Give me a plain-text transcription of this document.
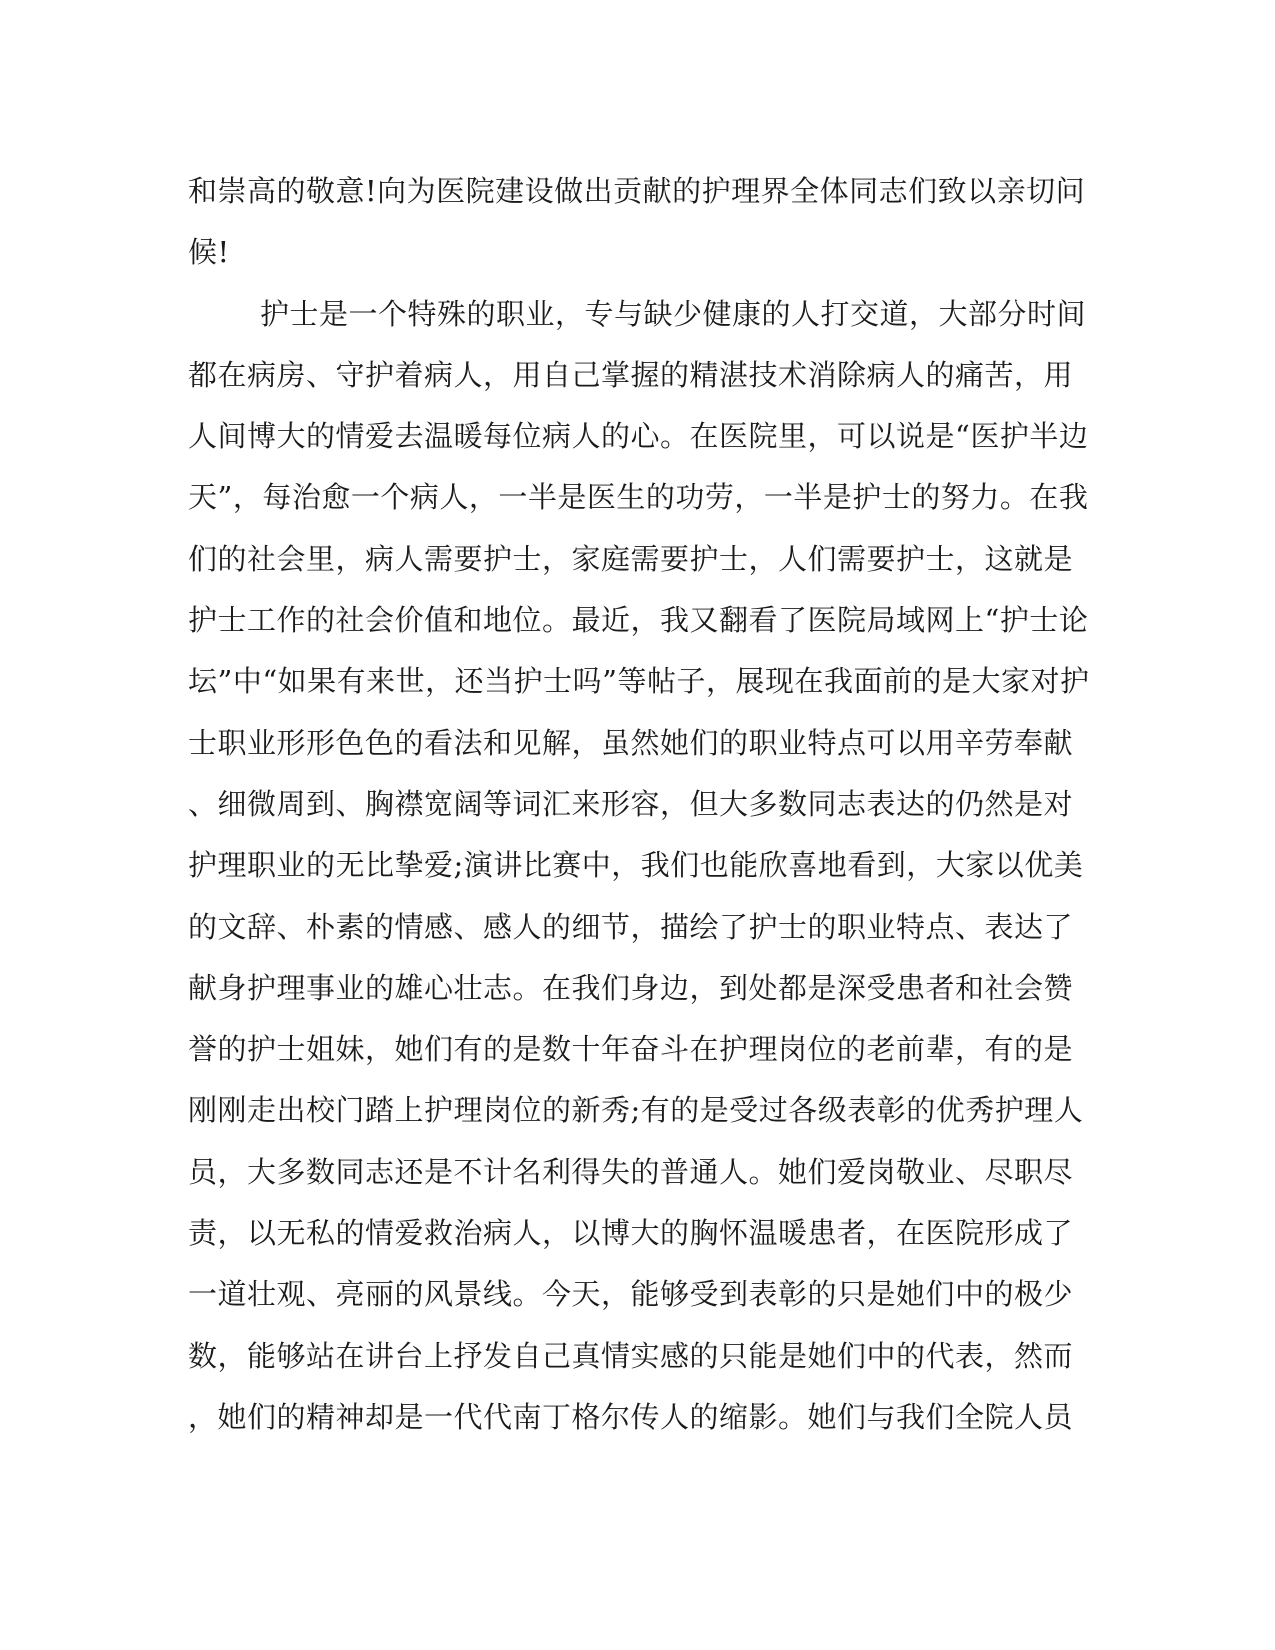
和崇高的敬意!向为医院建设做出贡献的护理界全体同志们致以亲切问
候!
护士是一个特殊的职业，专与缺少健康的人打交道，大部分时间
都在病房、守护着病人，用自己掌握的精湛技术消除病人的痛苦，用
人间博大的情爱去温暖每位病人的心。在医院里，可以说是“医护半边
天”，每治愈一个病人，一半是医生的功劳，一半是护士的努力。在我
们的社会里，病人需要护士，家庭需要护士，人们需要护士，这就是
护士工作的社会价值和地位。最近，我又翻看了医院局域网上“护士论
坛”中“如果有来世，还当护士吗”等帖子，展现在我面前的是大家对护
士职业形形色色的看法和见解，虽然她们的职业特点可以用辛劳奉献
、细微周到、胸襟宽阔等词汇来形容，但大多数同志表达的仍然是对
护理职业的无比挚爱;演讲比赛中，我们也能欣喜地看到，大家以优美
的文辞、朴素的情感、感人的细节，描绘了护士的职业特点、表达了
献身护理事业的雄心壮志。在我们身边，到处都是深受患者和社会赞
誉的护士姐妹，她们有的是数十年奋斗在护理岗位的老前辈，有的是
刚刚走出校门踏上护理岗位的新秀;有的是受过各级表彰的优秀护理人
员，大多数同志还是不计名利得失的普通人。她们爱岗敬业、尽职尽
责，以无私的情爱救治病人，以博大的胸怀温暖患者，在医院形成了
一道壮观、亮丽的风景线。今天，能够受到表彰的只是她们中的极少
数，能够站在讲台上抒发自己真情实感的只能是她们中的代表，然而
，她们的精神却是一代代南丁格尔传人的缩影。她们与我们全院人员
